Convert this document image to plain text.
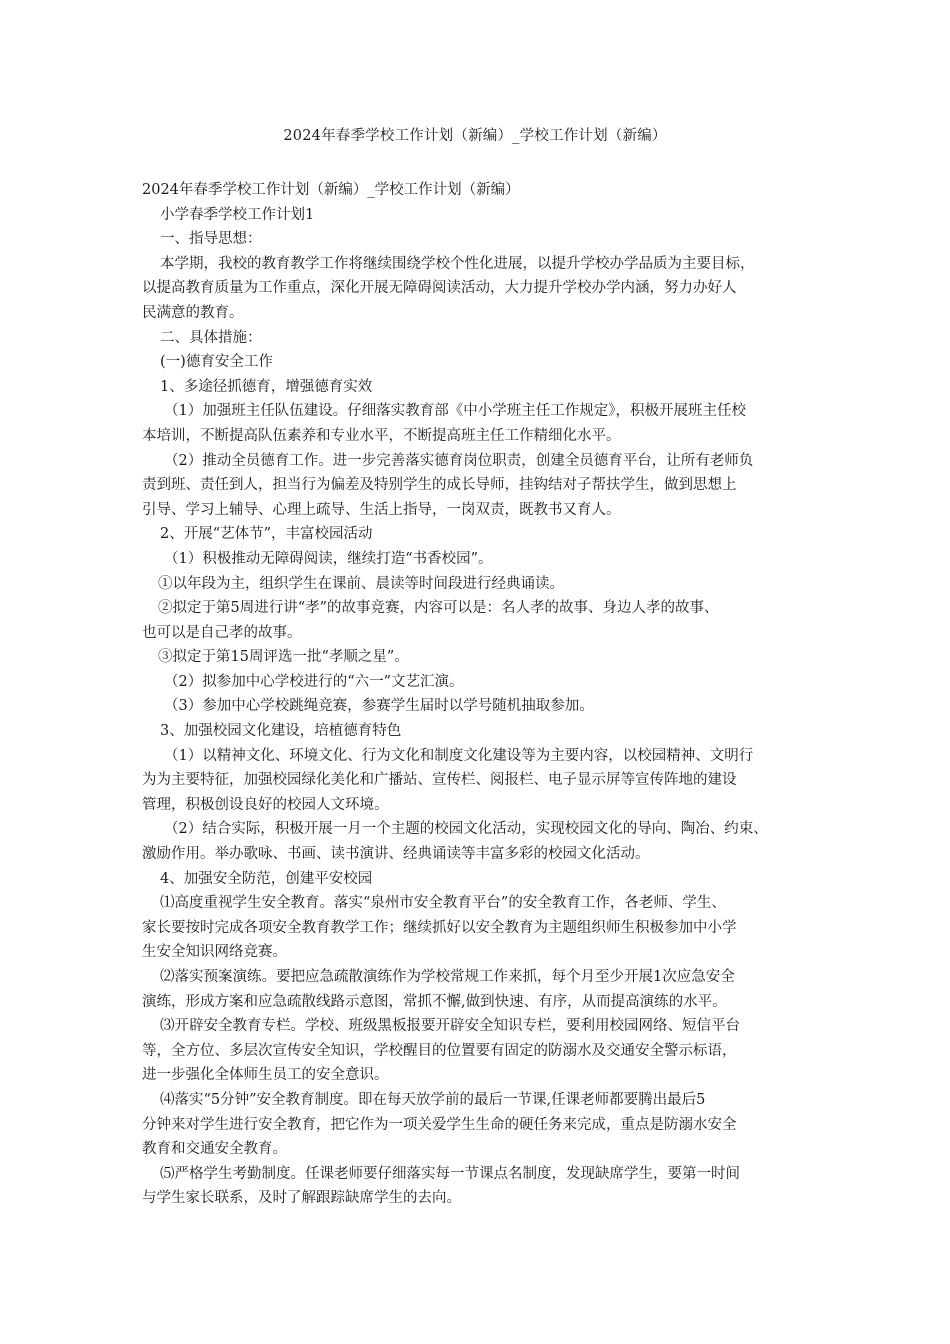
2024年春季学校工作计划（新编）_学校工作计划（新编）

2024年春季学校工作计划（新编）_学校工作计划（新编）

小学春季学校工作计划1

一、指导思想：

本学期，我校的教育教学工作将继续围绕学校个性化进展，以提升学校办学品质为主要目标，

以提高教育质量为工作重点，深化开展无障碍阅读活动，大力提升学校办学内涵，努力办好人

民满意的教育。

二、具体措施：

(一)德育安全工作

1、多途径抓德育，增强德育实效

（1）加强班主任队伍建设。仔细落实教育部《中小学班主任工作规定》，积极开展班主任校

本培训，不断提高队伍素养和专业水平，不断提高班主任工作精细化水平。

（2）推动全员德育工作。进一步完善落实德育岗位职责，创建全员德育平台，让所有老师负

责到班、责任到人，担当行为偏差及特别学生的成长导师，挂钩结对子帮扶学生，做到思想上

引导、学习上辅导、心理上疏导、生活上指导，一岗双责，既教书又育人。

2、开展“艺体节”，丰富校园活动

（1）积极推动无障碍阅读，继续打造“书香校园”。

①以年段为主，组织学生在课前、晨读等时间段进行经典诵读。

②拟定于第5周进行讲“孝”的故事竞赛，内容可以是：名人孝的故事、身边人孝的故事、

也可以是自己孝的故事。

③拟定于第15周评选一批“孝顺之星”。

（2）拟参加中心学校进行的“六一”文艺汇演。

（3）参加中心学校跳绳竞赛，参赛学生届时以学号随机抽取参加。

3、加强校园文化建设，培植德育特色

（1）以精神文化、环境文化、行为文化和制度文化建设等为主要内容，以校园精神、文明行

为为主要特征，加强校园绿化美化和广播站、宣传栏、阅报栏、电子显示屏等宣传阵地的建设

管理，积极创设良好的校园人文环境。

（2）结合实际，积极开展一月一个主题的校园文化活动，实现校园文化的导向、陶冶、约束、

激励作用。举办歌咏、书画、读书演讲、经典诵读等丰富多彩的校园文化活动。

4、加强安全防范，创建平安校园

⑴高度重视学生安全教育。落实“泉州市安全教育平台”的安全教育工作，各老师、学生、

家长要按时完成各项安全教育教学工作；继续抓好以安全教育为主题组织师生积极参加中小学

生安全知识网络竞赛。

⑵落实预案演练。要把应急疏散演练作为学校常规工作来抓，每个月至少开展1次应急安全

演练，形成方案和应急疏散线路示意图，常抓不懈,做到快速、有序，从而提高演练的水平。

⑶开辟安全教育专栏。学校、班级黑板报要开辟安全知识专栏，要利用校园网络、短信平台

等，全方位、多层次宣传安全知识，学校醒目的位置要有固定的防溺水及交通安全警示标语，

进一步强化全体师生员工的安全意识。

⑷落实“5分钟”安全教育制度。即在每天放学前的最后一节课,任课老师都要腾出最后5

分钟来对学生进行安全教育，把它作为一项关爱学生生命的硬任务来完成，重点是防溺水安全

教育和交通安全教育。

⑸严格学生考勤制度。任课老师要仔细落实每一节课点名制度，发现缺席学生，要第一时间

与学生家长联系，及时了解跟踪缺席学生的去向。
